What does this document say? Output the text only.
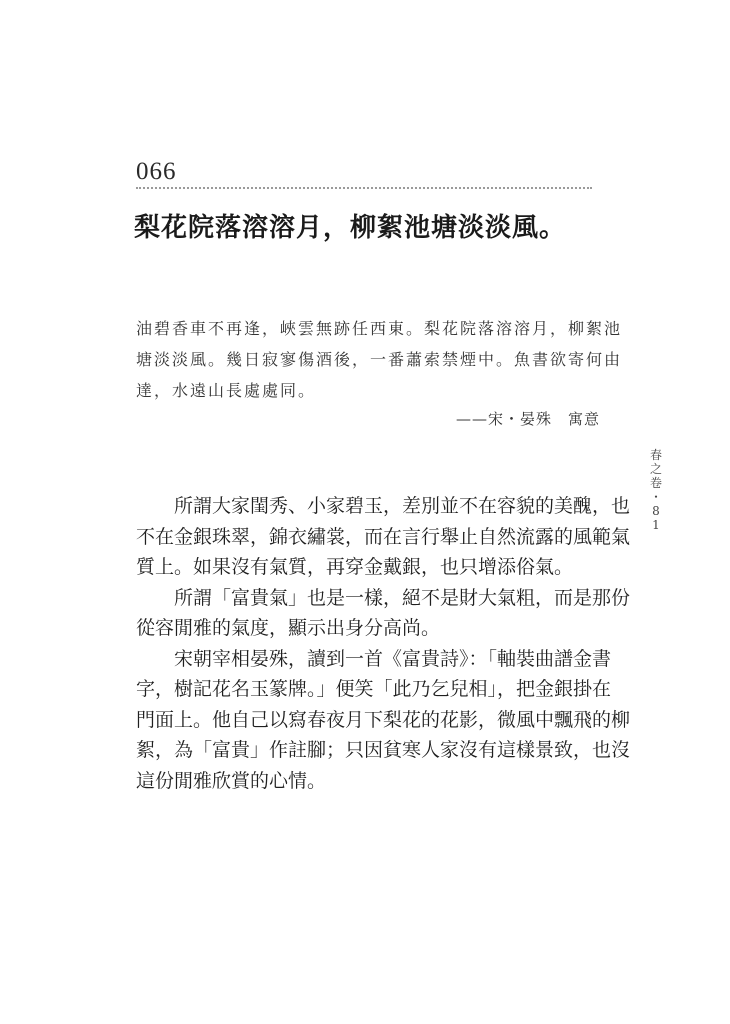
066
梨花院落溶溶月，柳絮池塘淡淡風。
油碧香車不再逢，峽雲無跡任西東。梨花院落溶溶月，柳絮池
塘淡淡風。幾日寂寥傷酒後，一番蕭索禁煙中。魚書欲寄何由
達，水遠山長處處同。
——宋・晏殊　寓意
所謂大家閨秀、小家碧玉，差別並不在容貌的美醜，也
不在金銀珠翠，錦衣繡裳，而在言行舉止自然流露的風範氣
質上。如果沒有氣質，再穿金戴銀，也只增添俗氣。
所謂「富貴氣」也是一樣，絕不是財大氣粗，而是那份
從容閒雅的氣度，顯示出身分高尚。
宋朝宰相晏殊，讀到一首《富貴詩》：「軸裝曲譜金書
字，樹記花名玉篆牌。」便笑「此乃乞兒相」，把金銀掛在
門面上。他自己以寫春夜月下梨花的花影，微風中飄飛的柳
絮，為「富貴」作註腳；只因貧寒人家沒有這樣景致，也沒
這份閒雅欣賞的心情。
春
之
卷
・
8
1
